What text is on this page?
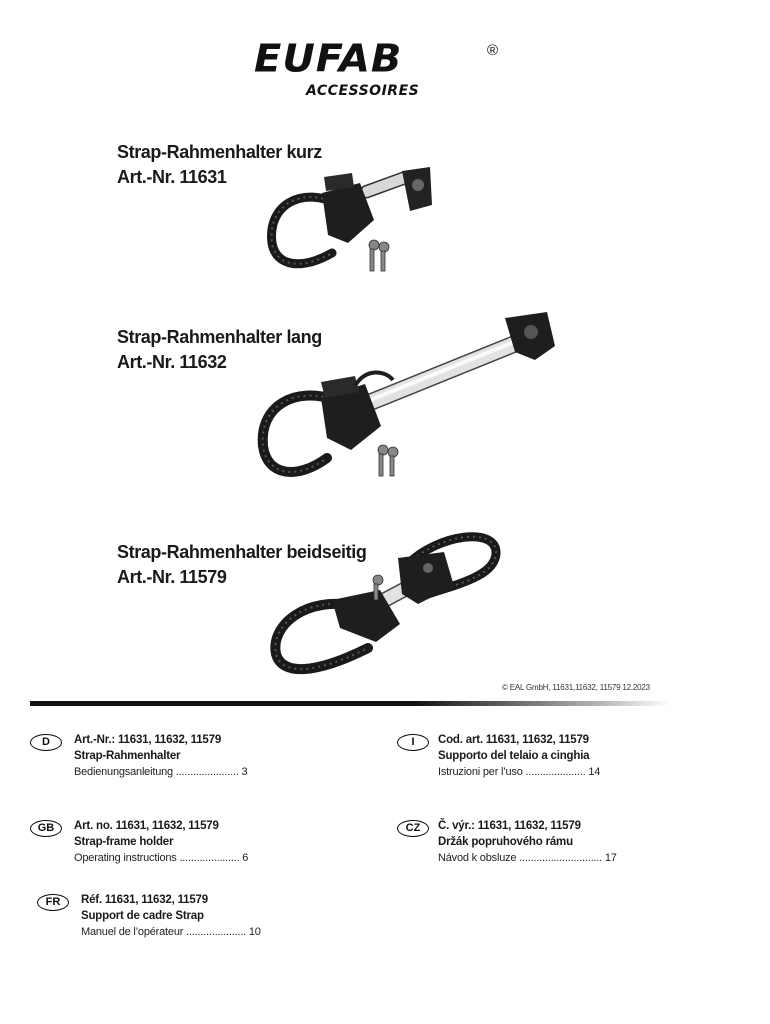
EUFAB	®
ACCESSOIRES
Strap-Rahmenhalter kurz
Art.-Nr. 11631
Strap-Rahmenhalter lang
Art.-Nr. 11632
Strap-Rahmenhalter beidseitig
Art.-Nr. 11579
© EAL GmbH, 11631,11632, 11579 12.2023
D	Art.-Nr.: 11631, 11632, 11579
Strap-Rahmenhalter
Bedienungsanleitung ...................... 3
I	Cod. art. 11631, 11632, 11579
Supporto del telaio a cinghia
Istruzioni per l’uso ..................... 14
GB	Art. no. 11631, 11632, 11579
Strap-frame holder
Operating instructions ..................... 6
CZ	Č. výr.: 11631, 11632, 11579
Držák popruhového rámu
Návod k obsluze ............................. 17
FR	Réf. 11631, 11632, 11579
Support de cadre Strap
Manuel de l’opérateur ..................... 10
